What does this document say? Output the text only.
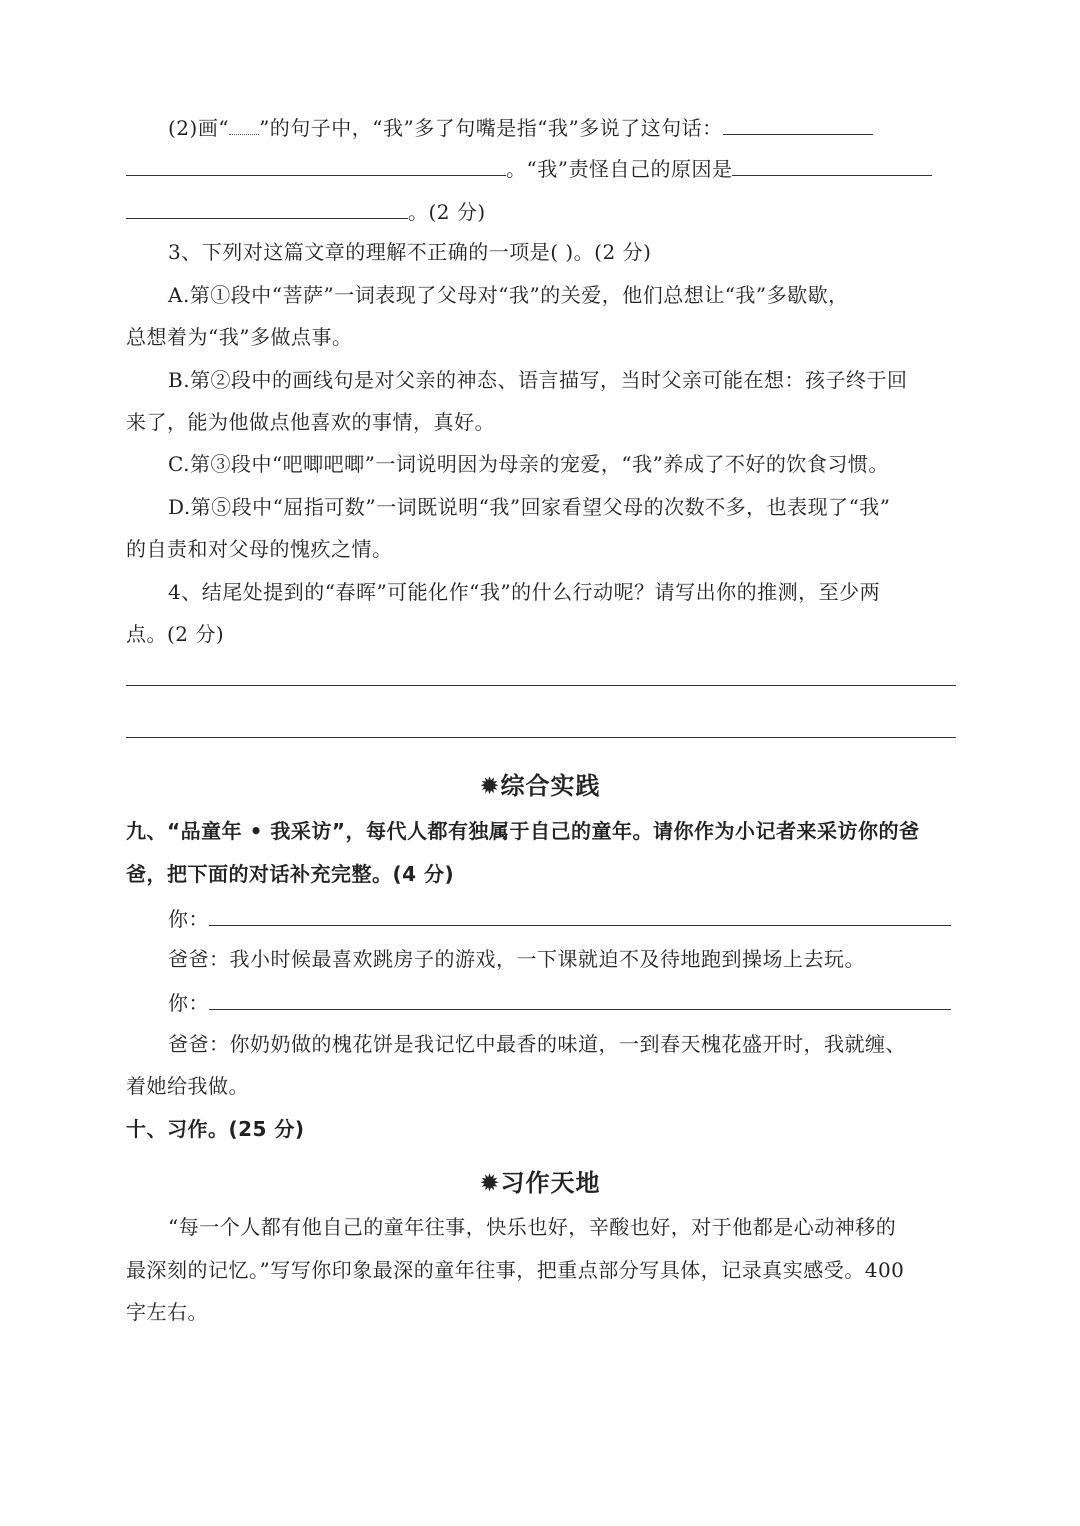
(2)画“ ”的句子中，“我”多了句嘴是指“我”多说了这句话：
。“我”责怪自己的原因是
。(2 分)
3、下列对这篇文章的理解不正确的一项是( )。(2 分)
A.第①段中“菩萨”一词表现了父母对“我”的关爱，他们总想让“我”多歇歇，
总想着为“我”多做点事。
B.第②段中的画线句是对父亲的神态、语言描写，当时父亲可能在想：孩子终于回
来了，能为他做点他喜欢的事情，真好。
C.第③段中“吧唧吧唧”一词说明因为母亲的宠爱，“我”养成了不好的饮食习惯。
D.第⑤段中“屈指可数”一词既说明“我”回家看望父母的次数不多，也表现了“我”
的自责和对父母的愧疚之情。
4、结尾处提到的“春晖”可能化作“我”的什么行动呢？请写出你的推测，至少两
点。(2 分)
✹综合实践
九、“品童年 • 我采访”，每代人都有独属于自己的童年。请你作为小记者来采访你的爸
爸，把下面的对话补充完整。(4 分)
你：
爸爸：我小时候最喜欢跳房子的游戏，一下课就迫不及待地跑到操场上去玩。
你：
爸爸：你奶奶做的槐花饼是我记忆中最香的味道，一到春天槐花盛开时，我就缠、
着她给我做。
十、习作。(25 分)
✹习作天地
“每一个人都有他自己的童年往事，快乐也好，辛酸也好，对于他都是心动神移的
最深刻的记忆。”写写你印象最深的童年往事，把重点部分写具体，记录真实感受。400
字左右。
